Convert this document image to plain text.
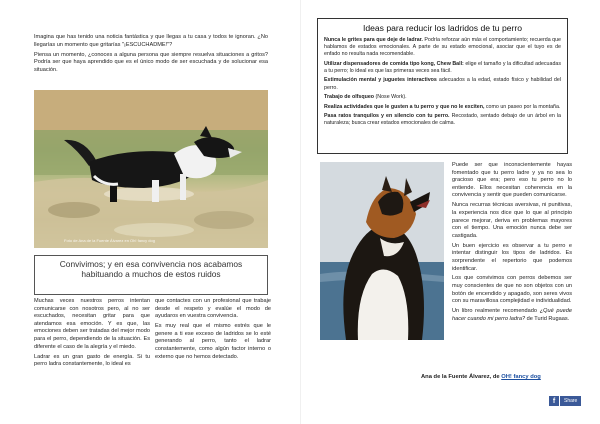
Imagina que has tenido una noticia fantástica y que llegas a tu casa y todos te ignoran. ¿No llegarías un momento que gritarías "¡ESCUCHADME!"?

Piensa un momento, ¿conoces a alguna persona que siempre resuelva situaciones a gritos? Podría ser que haya aprendido que es el único modo de ser escuchada y de solucionar esa situación.

Foto de Ana de la Fuente Álvarez en Oh! fancy dog
Convivimos; y en esa convivencia nos acabamos habituando a muchos de estos ruidos

Muchas veces nuestros perros intentan comunicarse con nosotros pero, al no ser escuchados, necesitan gritar para que atendamos esa emoción. Y es que, las emociones deben ser tratadas del mejor modo para el perro, dependiendo de la situación. Es diferente el caso de la alegría y el miedo.

Ladrar es un gran gasto de energía. Si tu perro ladra constantemente, lo ideal es

que contactes con un profesional que trabaje desde el respeto y evalúe el modo de ayudaros en vuestra convivencia.

Es muy real que el mismo estrés que le genere a ti ese exceso de ladridos se lo esté generando al perro, tanto el ladrar constantemente, como algún factor interno o externo que no hemos detectado.

Ideas para reducir los ladridos de tu perro

Nunca le grites para que deje de ladrar. Podría reforzar aún más el comportamiento; recuerda que hablamos de estados emocionales. A parte de su estado emocional, asociar que el tuyo es de enfado no resulta nada recomendable.

Utilizar dispensadores de comida tipo kong, Chew Ball: elige el tamaño y la dificultad adecuadas a tu perro; lo ideal es que las primeras veces sea fácil.

Estimulación mental y juguetes interactivos adecuados a la edad, estado físico y habilidad del perro.

Trabajo de olfsqueo (Nose Work).

Realiza actividades que le gusten a tu perro y que no le exciten, como un paseo por la montaña.

Pasa ratos tranquilos y en silencio con tu perro. Recostado, sentado debajo de un árbol en la naturaleza; busca crear estados emocionales de calma.

Puede ser que inconscientemente hayas fomentado que tu perro ladre y ya no sea lo gracioso que era; pero eso tu perro no lo entiende. Ellos necesitan coherencia en la convivencia y sentir que pueden comunicarse.

Nunca recurras técnicas aversivas, ni punitivas, la experiencia nos dice que lo que al principio parece mejorar, deriva en problemas mayores con el tiempo. Una emoción nunca debe ser castigada.

Un buen ejercicio es observar a tu perro e intentar distinguir los tipos de ladridos. Es sorprendente el repertorio que podemos identificar.

Los que convivimos con perros debemos ser muy conscientes de que no son objetos con un botón de encendido y apagado, son seres vivos con su maravillosa complejidad e individualidad.

Un libro realmente recomendado ¿Qué puede hacer cuando mi perro ladra? de Turid Rugaas.

Ana de la Fuente Álvarez, de OH! fancy dog
f	Share
